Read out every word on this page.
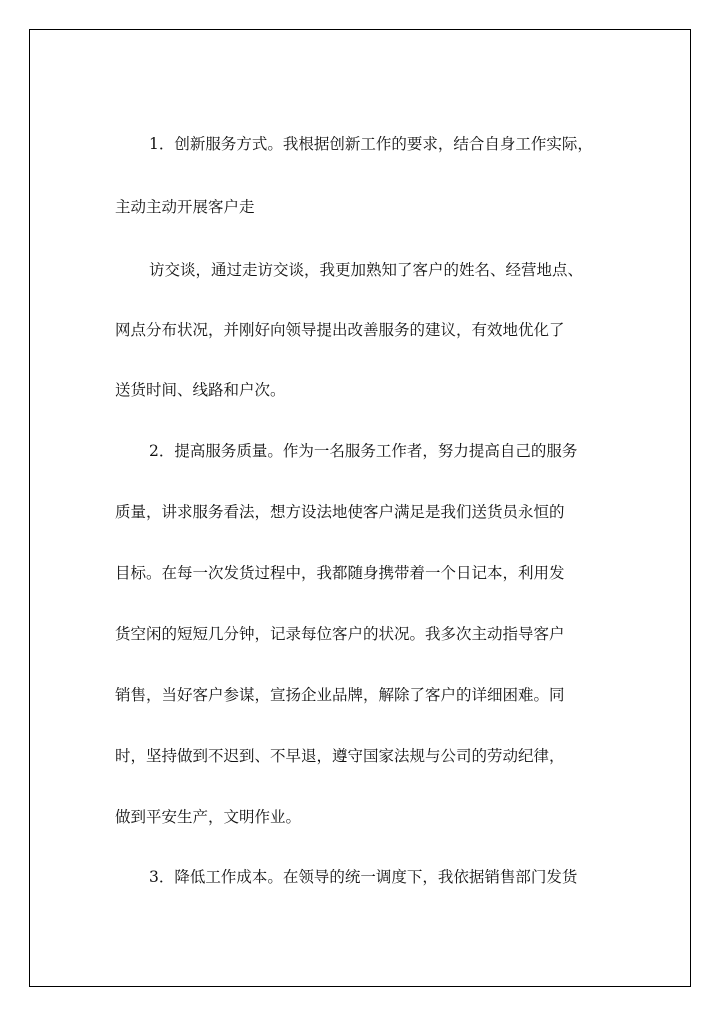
1．创新服务方式。我根据创新工作的要求，结合自身工作实际，
主动主动开展客户走
访交谈，通过走访交谈，我更加熟知了客户的姓名、经营地点、
网点分布状况，并刚好向领导提出改善服务的建议，有效地优化了
送货时间、线路和户次。
2．提高服务质量。作为一名服务工作者，努力提高自己的服务
质量，讲求服务看法，想方设法地使客户满足是我们送货员永恒的
目标。在每一次发货过程中，我都随身携带着一个日记本，利用发
货空闲的短短几分钟，记录每位客户的状况。我多次主动指导客户
销售，当好客户参谋，宣扬企业品牌，解除了客户的详细困难。同
时，坚持做到不迟到、不早退，遵守国家法规与公司的劳动纪律，
做到平安生产，文明作业。
3．降低工作成本。在领导的统一调度下，我依据销售部门发货
